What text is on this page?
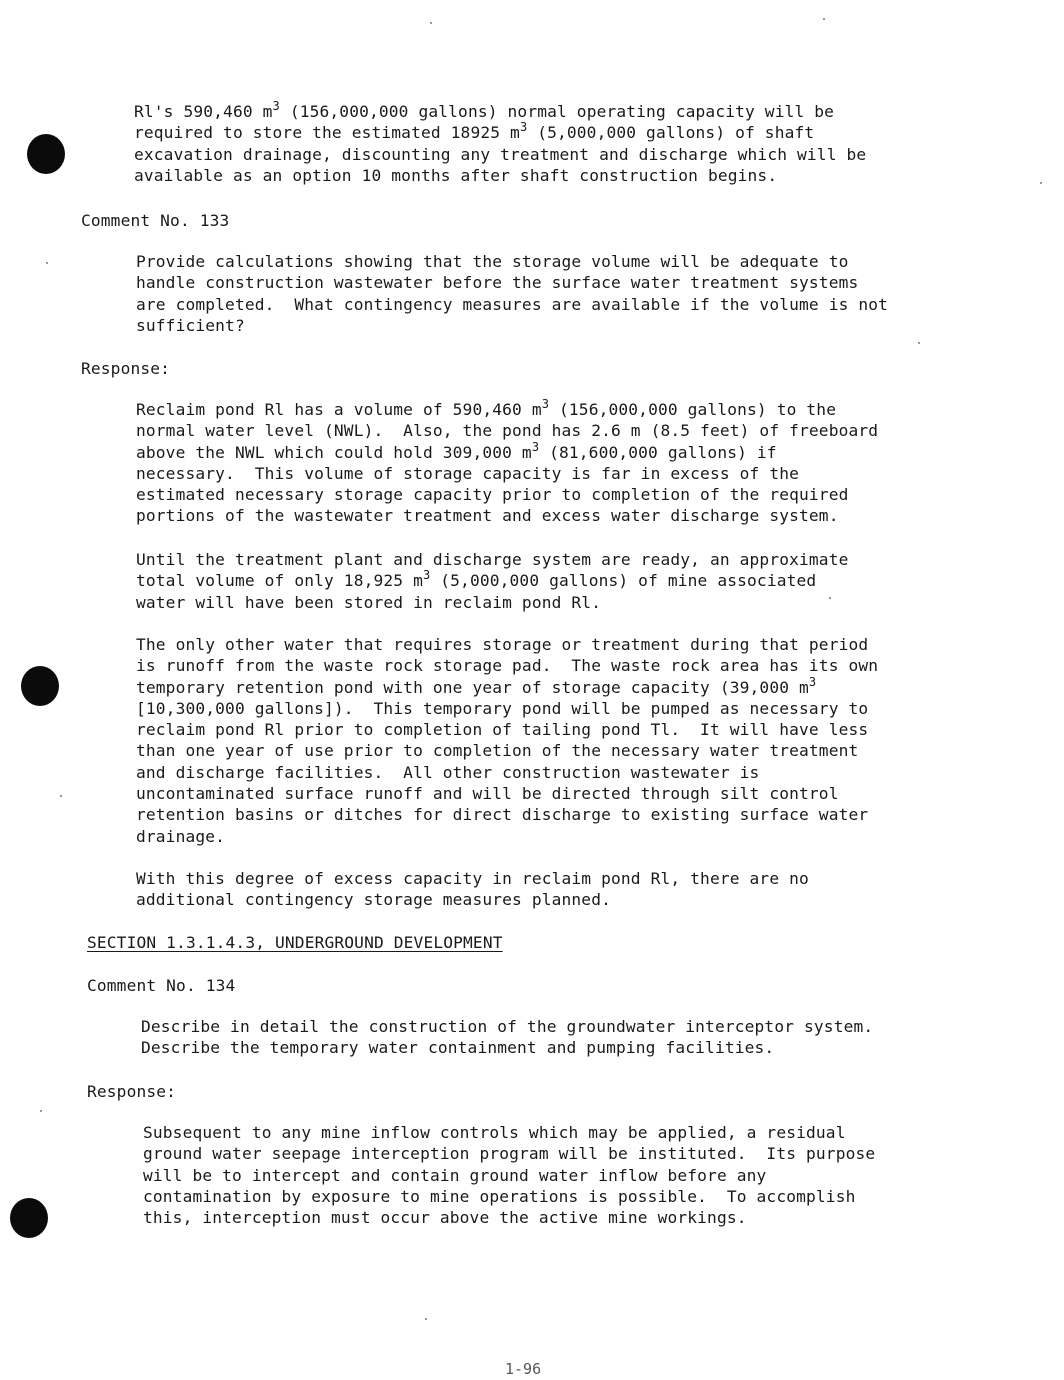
Rl's 590,460 $m^3$ (156,000,000 gallons) normal operating capacity will be
required to store the estimated 18925 $m^3$ (5,000,000 gallons) of shaft
excavation drainage, discounting any treatment and discharge which will be
available as an option 10 months after shaft construction begins.
Comment No. 133
Provide calculations showing that the storage volume will be adequate to
handle construction wastewater before the surface water treatment systems
are completed.  What contingency measures are available if the volume is not
sufficient?
Response:
Reclaim pond Rl has a volume of 590,460 $m^3$ (156,000,000 gallons) to the
normal water level (NWL).  Also, the pond has 2.6 m (8.5 feet) of freeboard
above the NWL which could hold 309,000 $m^3$ (81,600,000 gallons) if
necessary.  This volume of storage capacity is far in excess of the
estimated necessary storage capacity prior to completion of the required
portions of the wastewater treatment and excess water discharge system.
Until the treatment plant and discharge system are ready, an approximate
total volume of only 18,925 $m^3$ (5,000,000 gallons) of mine associated
water will have been stored in reclaim pond Rl.
The only other water that requires storage or treatment during that period
is runoff from the waste rock storage pad.  The waste rock area has its own
temporary retention pond with one year of storage capacity (39,000 $m^3$
[10,300,000 gallons]).  This temporary pond will be pumped as necessary to
reclaim pond Rl prior to completion of tailing pond Tl.  It will have less
than one year of use prior to completion of the necessary water treatment
and discharge facilities.  All other construction wastewater is
uncontaminated surface runoff and will be directed through silt control
retention basins or ditches for direct discharge to existing surface water
drainage.
With this degree of excess capacity in reclaim pond Rl, there are no
additional contingency storage measures planned.
SECTION 1.3.1.4.3, UNDERGROUND DEVELOPMENT
Comment No. 134
Describe in detail the construction of the groundwater interceptor system.
Describe the temporary water containment and pumping facilities.
Response:
Subsequent to any mine inflow controls which may be applied, a residual
ground water seepage interception program will be instituted.  Its purpose
will be to intercept and contain ground water inflow before any
contamination by exposure to mine operations is possible.  To accomplish
this, interception must occur above the active mine workings.
1-96
